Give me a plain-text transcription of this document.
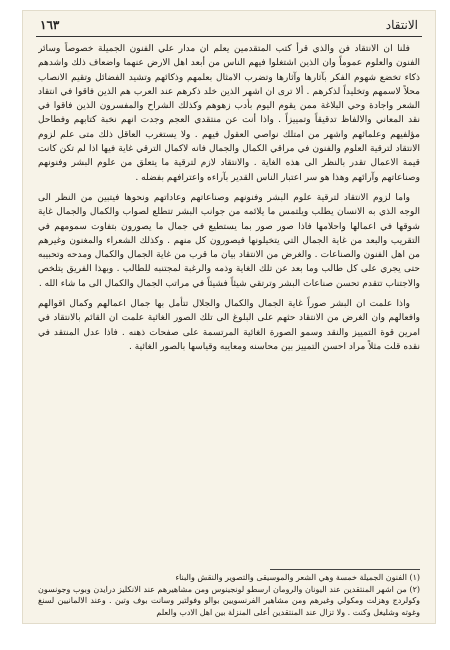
١٦٣	الانتقاد

فلنا ان الانتقاد فن والذي قرأ كتب المتقدمين يعلم ان مدار علي الفنون الجميلة خصوصاً وسائر الفنون والعلوم عموماً وان الذين اشتغلوا فيهم الناس من أبعد اهل الارض عنهما واضعاف ذلك واشدهم ذكاء تخضع شهوم الفكر بآثارها وآثارها وتضرب الامثال بعلمهم وذكائهم وتشيد الفضائل وتقيم الانصاب محلاً لاسمهم وتخليداً لذكرهم . ألا ترى ان اشهر الذين خلد ذكرهم عند العرب هم الذين فاقوا في انتقاد الشعر واجادة وحي البلاغة ممن يقوم اليوم بأدب زهوهم وكذلك الشراح والمفسرون الذين فاقوا في نقد المعاني والالفاظ تدقيقاً وتمييزاً . واذا أنت عن منتقدي العجم وجدت انهم نخبة كتابهم وفطاحل مؤلفيهم وعلمائهم واشهر من امتلك نواصي العقول فيهم . ولا يستغرب العاقل ذلك متى علم لزوم الانتقاد لترقية العلوم والفنون في مراقي الكمال والجمال فانه لاكمال الترقي غاية فيها اذا لم تكن كانت قيمة الاعمال تقدر بالنظر الى هذه الغاية . والانتقاد لازم لترقية ما يتعلق من علوم البشر وفنونهم وصناعاتهم وآرائهم وهذا هو سر اعتبار الناس القدير بآراءه واعترافهم بفضله .

واما لزوم الانتقاد لترقية علوم البشر وفنونهم وصناعاتهم وعاداتهم ونحوها فيتبين من النظر الى الوجه الذي به الانسان يطلب ويلتمس ما يلائمه من جوانب البشر تتطلع لصواب والكمال والجمال غاية شوقها في اعمالها واحلامها فاذا صور صور بما يستطيع في جمال ما يصورون بتفاوت سمومهم في التقريب والبعد من غاية الجمال التي يتخيلونها فيصورون كل منهم . وكذلك الشعراء والمغنون وغيرهم من اهل الفنون والصناعات . والغرض من الانتقاد بيان ما قرب من غاية الجمال والكمال ومدحه وتحبيبه حتى يجري على كل طالب وما بعد عن تلك الغاية وذمه والرغبة لمجتنبه للطالب . وبهذا الفريق يتلخص والاجتناب تتقدم تحسن صناعات البشر وترتقي شيئاً فشيئاً في مراتب الجمال والكمال الى ما شاء الله .

واذا علمت ان البشر صوراً غاية الجمال والكمال والجلال تتأمل بها جمال اعمالهم وكمال اقوالهم وافعالهم وان الغرض من الانتقاد حثهم على البلوغ الى تلك الصور الغائية علمت ان القائم بالانتقاد في امرين قوة التمييز والنقد وسمو الصورة الغائية المرتسمة على صفحات ذهنه . فاذا عدل المنتقد في نقده قلت مثلاً مراد احسن التمييز بين محاسنه ومعايبه وقياسها بالصور الغائية .

(١) الفنون الجميلة خمسة وهي الشعر والموسيقى والتصوير والنقش والبناء

(٢) من اشهر المنتقدين عند اليونان والرومان ارسطو لونجينوس ومن مشاهيرهم عند الانكليز درايدن وبوب وجونسون وكولردج وهزلت ومكولي وغيرهم ومن مشاهير الفرنسويين بوالو وفولتير وسانت بوف وتين . وعند الالمانيين لسنغ وغوته وشليغل وكنت . ولا تزال عند المنتقدين أعلى المنزلة بين اهل الادب والعلم
